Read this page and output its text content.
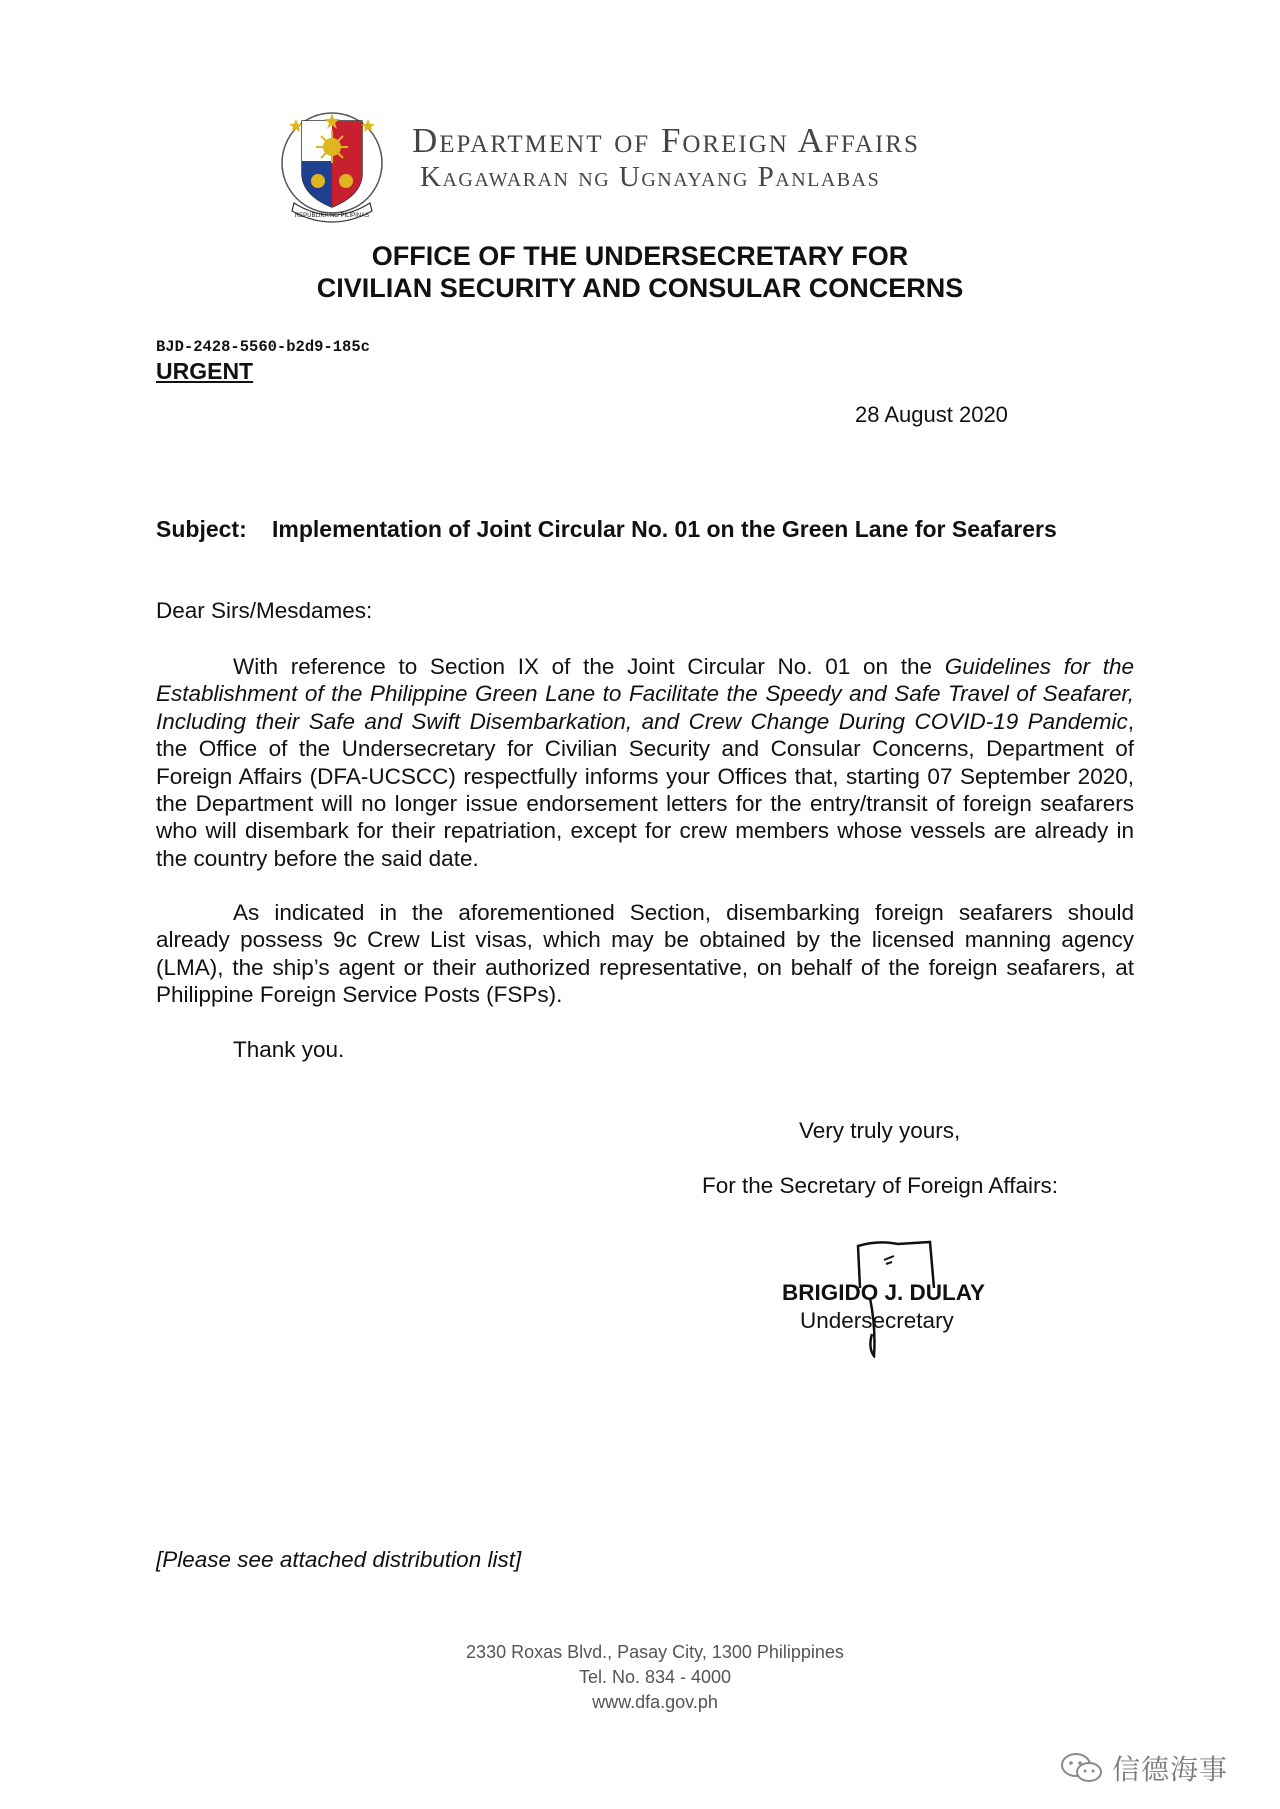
REPUBLIKA NG PILIPINAS
Department of Foreign Affairs
Kagawaran ng Ugnayang Panlabas
OFFICE OF THE UNDERSECRETARY FOR
CIVILIAN SECURITY AND CONSULAR CONCERNS
BJD-2428-5560-b2d9-185c
URGENT
28 August 2020
Subject: Implementation of Joint Circular No. 01 on the Green Lane for Seafarers
Dear Sirs/Mesdames:

With reference to Section IX of the Joint Circular No. 01 on the Guidelines for the Establishment of the Philippine Green Lane to Facilitate the Speedy and Safe Travel of Seafarer, Including their Safe and Swift Disembarkation, and Crew Change During COVID-19 Pandemic, the Office of the Undersecretary for Civilian Security and Consular Concerns, Department of Foreign Affairs (DFA-UCSCC) respectfully informs your Offices that, starting 07 September 2020, the Department will no longer issue endorsement letters for the entry/transit of foreign seafarers who will disembark for their repatriation, except for crew members whose vessels are already in the country before the said date.

As indicated in the aforementioned Section, disembarking foreign seafarers should already possess 9c Crew List visas, which may be obtained by the licensed manning agency (LMA), the ship’s agent or their authorized representative, on behalf of the foreign seafarers, at Philippine Foreign Service Posts (FSPs).

Thank you.
Very truly yours,
For the Secretary of Foreign Affairs:
BRIGIDO J. DULAY
Undersecretary
[Please see attached distribution list]
2330 Roxas Blvd., Pasay City, 1300 Philippines
Tel. No. 834 - 4000
www.dfa.gov.ph
信德海事
